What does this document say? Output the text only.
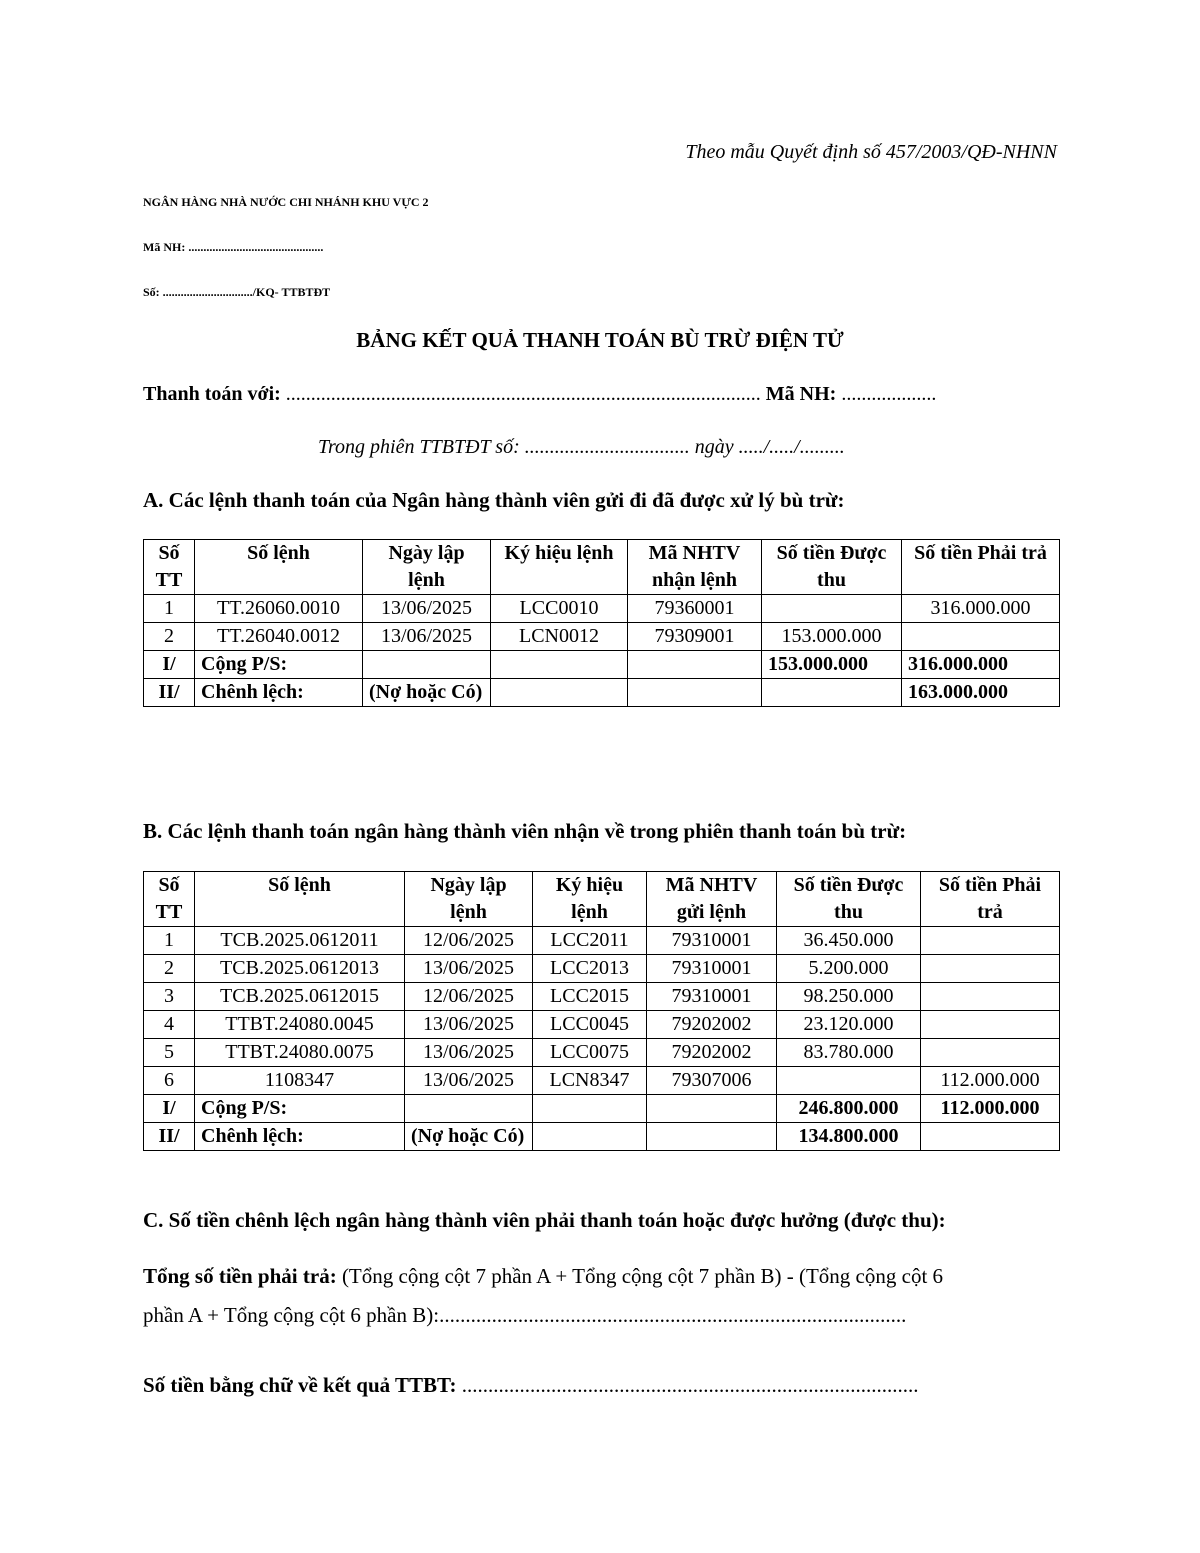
Theo mẫu Quyết định số 457/2003/QĐ-NHNN
NGÂN HÀNG NHÀ NƯỚC CHI NHÁNH KHU VỰC 2
Mã NH: .............................................
Số: ............................../KQ- TTBTĐT
BẢNG KẾT QUẢ THANH TOÁN BÙ TRỪ ĐIỆN TỬ
Thanh toán với: ............................................................................................... Mã NH: ...................
Trong phiên TTBTĐT số: ................................. ngày ...../...../.........
A. Các lệnh thanh toán của Ngân hàng thành viên gửi đi đã được xử lý bù trừ:
Số TT	Số lệnh	Ngày lập lệnh	Ký hiệu lệnh	Mã NHTV nhận lệnh	Số tiền Được thu	Số tiền Phải trả
1	TT.26060.0010	13/06/2025	LCC0010	79360001		316.000.000
2	TT.26040.0012	13/06/2025	LCN0012	79309001	153.000.000	
I/	Cộng P/S:				153.000.000	316.000.000
II/	Chênh lệch:	(Nợ hoặc Có)				163.000.000
B. Các lệnh thanh toán ngân hàng thành viên nhận về trong phiên thanh toán bù trừ:
Số TT	Số lệnh	Ngày lập lệnh	Ký hiệu lệnh	Mã NHTV gửi lệnh	Số tiền Được thu	Số tiền Phải trả
1	TCB.2025.0612011	12/06/2025	LCC2011	79310001	36.450.000	
2	TCB.2025.0612013	13/06/2025	LCC2013	79310001	5.200.000	
3	TCB.2025.0612015	12/06/2025	LCC2015	79310001	98.250.000	
4	TTBT.24080.0045	13/06/2025	LCC0045	79202002	23.120.000	
5	TTBT.24080.0075	13/06/2025	LCC0075	79202002	83.780.000	
6	1108347	13/06/2025	LCN8347	79307006		112.000.000
I/	Cộng P/S:				246.800.000	112.000.000
II/	Chênh lệch:	(Nợ hoặc Có)			134.800.000	
C. Số tiền chênh lệch ngân hàng thành viên phải thanh toán hoặc được hưởng (được thu):
Tổng số tiền phải trả: (Tổng cộng cột 7 phần A + Tổng cộng cột 7 phần B) - (Tổng cộng cột 6
phần A + Tổng cộng cột 6 phần B):.........................................................................................
Số tiền bằng chữ về kết quả TTBT: .......................................................................................
